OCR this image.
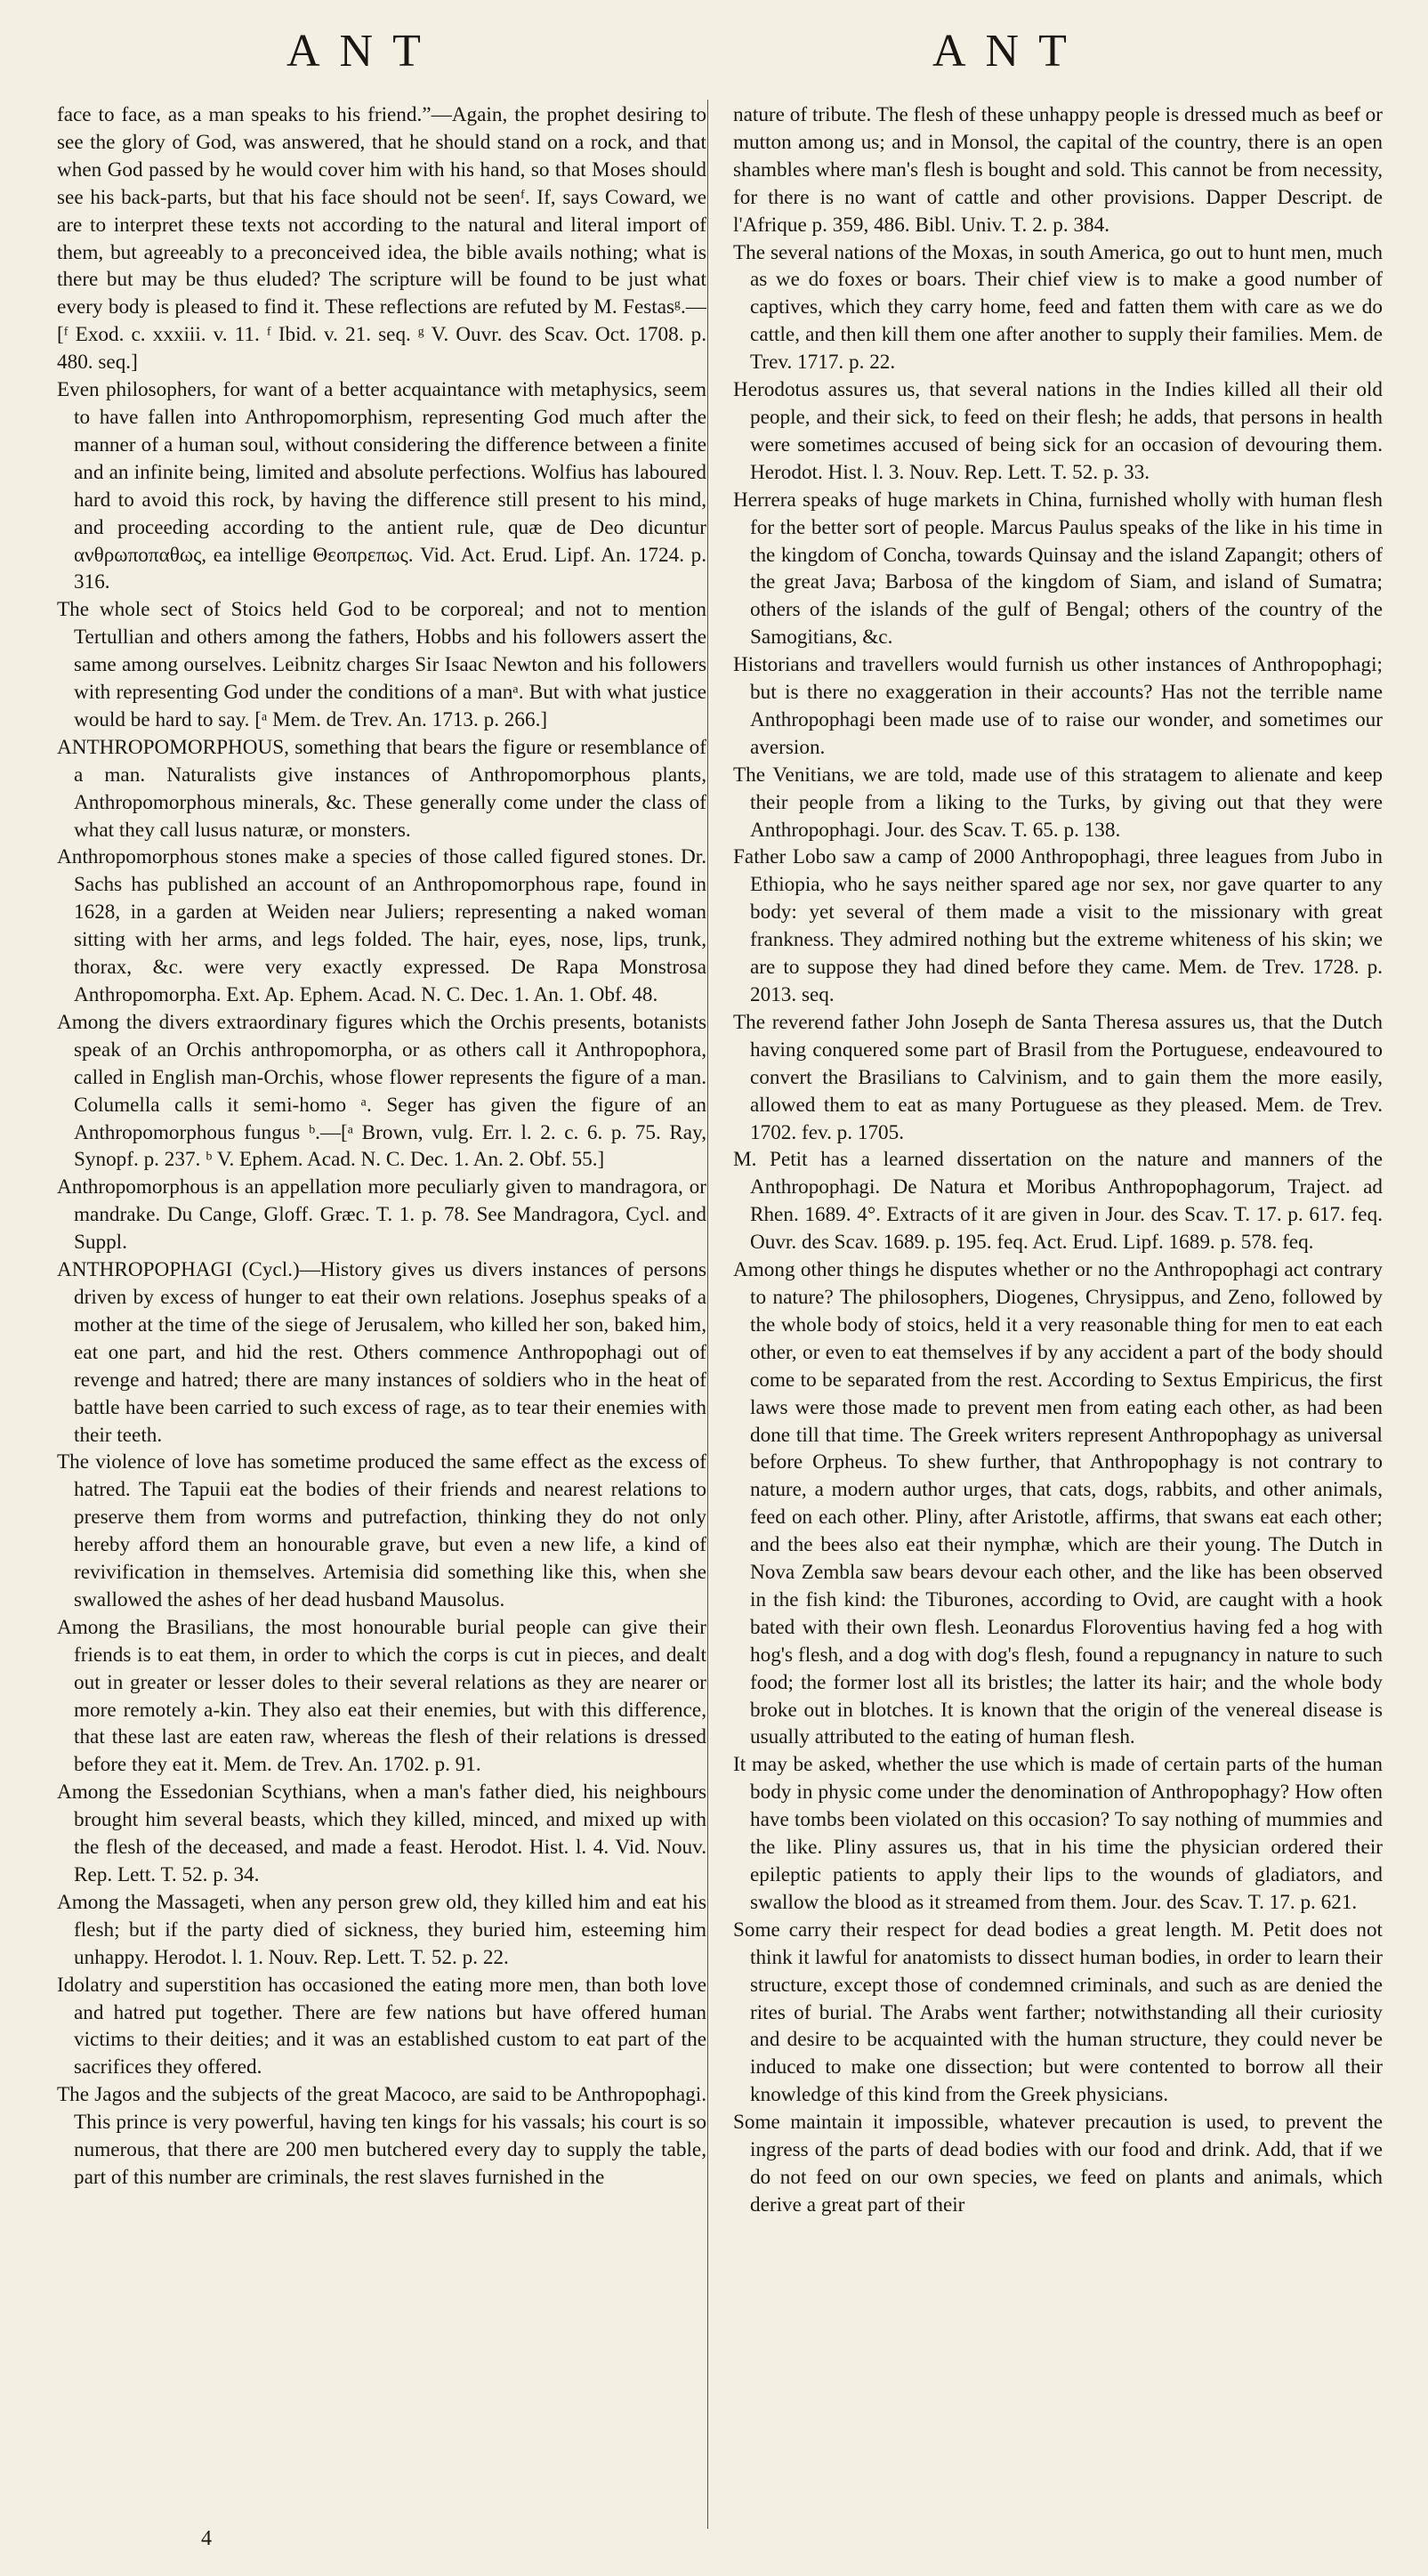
ANT	ANT

face to face, as a man speaks to his friend.”—Again, the prophet desiring to see the glory of God, was answered, that he should stand on a rock, and that when God passed by he would cover him with his hand, so that Moses should see his back-parts, but that his face should not be seenᶠ. If, says Coward, we are to interpret these texts not according to the natural and literal import of them, but agreeably to a preconceived idea, the bible avails nothing; what is there but may be thus eluded? The scripture will be found to be just what every body is pleased to find it. These reflections are refuted by M. Festasᵍ.—[ᶠ Exod. c. xxxiii. v. 11. ᶠ Ibid. v. 21. seq. ᵍ V. Ouvr. des Scav. Oct. 1708. p. 480. seq.]

Even philosophers, for want of a better acquaintance with metaphysics, seem to have fallen into Anthropomorphism, representing God much after the manner of a human soul, without considering the difference between a finite and an infinite being, limited and absolute perfections. Wolfius has laboured hard to avoid this rock, by having the difference still present to his mind, and proceeding according to the antient rule, quæ de Deo dicuntur ανθρωποπαθως, ea intellige Θεοπρεπως. Vid. Act. Erud. Lipf. An. 1724. p. 316.

The whole sect of Stoics held God to be corporeal; and not to mention Tertullian and others among the fathers, Hobbs and his followers assert the same among ourselves. Leibnitz charges Sir Isaac Newton and his followers with representing God under the conditions of a manᵃ. But with what justice would be hard to say. [ᵃ Mem. de Trev. An. 1713. p. 266.]

ANTHROPOMORPHOUS, something that bears the figure or resemblance of a man. Naturalists give instances of Anthropomorphous plants, Anthropomorphous minerals, &c. These generally come under the class of what they call lusus naturæ, or monsters.

Anthropomorphous stones make a species of those called figured stones. Dr. Sachs has published an account of an Anthropomorphous rape, found in 1628, in a garden at Weiden near Juliers; representing a naked woman sitting with her arms, and legs folded. The hair, eyes, nose, lips, trunk, thorax, &c. were very exactly expressed. De Rapa Monstrosa Anthropomorpha. Ext. Ap. Ephem. Acad. N. C. Dec. 1. An. 1. Obf. 48.

Among the divers extraordinary figures which the Orchis presents, botanists speak of an Orchis anthropomorpha, or as others call it Anthropophora, called in English man-Orchis, whose flower represents the figure of a man. Columella calls it semi-homo ᵃ. Seger has given the figure of an Anthropomorphous fungus ᵇ.—[ᵃ Brown, vulg. Err. l. 2. c. 6. p. 75. Ray, Synopf. p. 237. ᵇ V. Ephem. Acad. N. C. Dec. 1. An. 2. Obf. 55.]

Anthropomorphous is an appellation more peculiarly given to mandragora, or mandrake. Du Cange, Gloff. Græc. T. 1. p. 78. See Mandragora, Cycl. and Suppl.

ANTHROPOPHAGI (Cycl.)—History gives us divers instances of persons driven by excess of hunger to eat their own relations. Josephus speaks of a mother at the time of the siege of Jerusalem, who killed her son, baked him, eat one part, and hid the rest. Others commence Anthropophagi out of revenge and hatred; there are many instances of soldiers who in the heat of battle have been carried to such excess of rage, as to tear their enemies with their teeth.

The violence of love has sometime produced the same effect as the excess of hatred. The Tapuii eat the bodies of their friends and nearest relations to preserve them from worms and putrefaction, thinking they do not only hereby afford them an honourable grave, but even a new life, a kind of revivification in themselves. Artemisia did something like this, when she swallowed the ashes of her dead husband Mausolus.

Among the Brasilians, the most honourable burial people can give their friends is to eat them, in order to which the corps is cut in pieces, and dealt out in greater or lesser doles to their several relations as they are nearer or more remotely a-kin. They also eat their enemies, but with this difference, that these last are eaten raw, whereas the flesh of their relations is dressed before they eat it. Mem. de Trev. An. 1702. p. 91.

Among the Essedonian Scythians, when a man's father died, his neighbours brought him several beasts, which they killed, minced, and mixed up with the flesh of the deceased, and made a feast. Herodot. Hist. l. 4. Vid. Nouv. Rep. Lett. T. 52. p. 34.

Among the Massageti, when any person grew old, they killed him and eat his flesh; but if the party died of sickness, they buried him, esteeming him unhappy. Herodot. l. 1. Nouv. Rep. Lett. T. 52. p. 22.

Idolatry and superstition has occasioned the eating more men, than both love and hatred put together. There are few nations but have offered human victims to their deities; and it was an established custom to eat part of the sacrifices they offered.

The Jagos and the subjects of the great Macoco, are said to be Anthropophagi. This prince is very powerful, having ten kings for his vassals; his court is so numerous, that there are 200 men butchered every day to supply the table, part of this number are criminals, the rest slaves furnished in the

nature of tribute. The flesh of these unhappy people is dressed much as beef or mutton among us; and in Monsol, the capital of the country, there is an open shambles where man's flesh is bought and sold. This cannot be from necessity, for there is no want of cattle and other provisions. Dapper Descript. de l'Afrique p. 359, 486. Bibl. Univ. T. 2. p. 384.

The several nations of the Moxas, in south America, go out to hunt men, much as we do foxes or boars. Their chief view is to make a good number of captives, which they carry home, feed and fatten them with care as we do cattle, and then kill them one after another to supply their families. Mem. de Trev. 1717. p. 22.

Herodotus assures us, that several nations in the Indies killed all their old people, and their sick, to feed on their flesh; he adds, that persons in health were sometimes accused of being sick for an occasion of devouring them. Herodot. Hist. l. 3. Nouv. Rep. Lett. T. 52. p. 33.

Herrera speaks of huge markets in China, furnished wholly with human flesh for the better sort of people. Marcus Paulus speaks of the like in his time in the kingdom of Concha, towards Quinsay and the island Zapangit; others of the great Java; Barbosa of the kingdom of Siam, and island of Sumatra; others of the islands of the gulf of Bengal; others of the country of the Samogitians, &c.

Historians and travellers would furnish us other instances of Anthropophagi; but is there no exaggeration in their accounts? Has not the terrible name Anthropophagi been made use of to raise our wonder, and sometimes our aversion.

The Venitians, we are told, made use of this stratagem to alienate and keep their people from a liking to the Turks, by giving out that they were Anthropophagi. Jour. des Scav. T. 65. p. 138.

Father Lobo saw a camp of 2000 Anthropophagi, three leagues from Jubo in Ethiopia, who he says neither spared age nor sex, nor gave quarter to any body: yet several of them made a visit to the missionary with great frankness. They admired nothing but the extreme whiteness of his skin; we are to suppose they had dined before they came. Mem. de Trev. 1728. p. 2013. seq.

The reverend father John Joseph de Santa Theresa assures us, that the Dutch having conquered some part of Brasil from the Portuguese, endeavoured to convert the Brasilians to Calvinism, and to gain them the more easily, allowed them to eat as many Portuguese as they pleased. Mem. de Trev. 1702. fev. p. 1705.

M. Petit has a learned dissertation on the nature and manners of the Anthropophagi. De Natura et Moribus Anthropophagorum, Traject. ad Rhen. 1689. 4°. Extracts of it are given in Jour. des Scav. T. 17. p. 617. feq. Ouvr. des Scav. 1689. p. 195. feq. Act. Erud. Lipf. 1689. p. 578. feq.

Among other things he disputes whether or no the Anthropophagi act contrary to nature? The philosophers, Diogenes, Chrysippus, and Zeno, followed by the whole body of stoics, held it a very reasonable thing for men to eat each other, or even to eat themselves if by any accident a part of the body should come to be separated from the rest. According to Sextus Empiricus, the first laws were those made to prevent men from eating each other, as had been done till that time. The Greek writers represent Anthropophagy as universal before Orpheus. To shew further, that Anthropophagy is not contrary to nature, a modern author urges, that cats, dogs, rabbits, and other animals, feed on each other. Pliny, after Aristotle, affirms, that swans eat each other; and the bees also eat their nymphæ, which are their young. The Dutch in Nova Zembla saw bears devour each other, and the like has been observed in the fish kind: the Tiburones, according to Ovid, are caught with a hook bated with their own flesh. Leonardus Floroventius having fed a hog with hog's flesh, and a dog with dog's flesh, found a repugnancy in nature to such food; the former lost all its bristles; the latter its hair; and the whole body broke out in blotches. It is known that the origin of the venereal disease is usually attributed to the eating of human flesh.

It may be asked, whether the use which is made of certain parts of the human body in physic come under the denomination of Anthropophagy? How often have tombs been violated on this occasion? To say nothing of mummies and the like. Pliny assures us, that in his time the physician ordered their epileptic patients to apply their lips to the wounds of gladiators, and swallow the blood as it streamed from them. Jour. des Scav. T. 17. p. 621.

Some carry their respect for dead bodies a great length. M. Petit does not think it lawful for anatomists to dissect human bodies, in order to learn their structure, except those of condemned criminals, and such as are denied the rites of burial. The Arabs went farther; notwithstanding all their curiosity and desire to be acquainted with the human structure, they could never be induced to make one dissection; but were contented to borrow all their knowledge of this kind from the Greek physicians.

Some maintain it impossible, whatever precaution is used, to prevent the ingress of the parts of dead bodies with our food and drink. Add, that if we do not feed on our own species, we feed on plants and animals, which derive a great part of their

4
